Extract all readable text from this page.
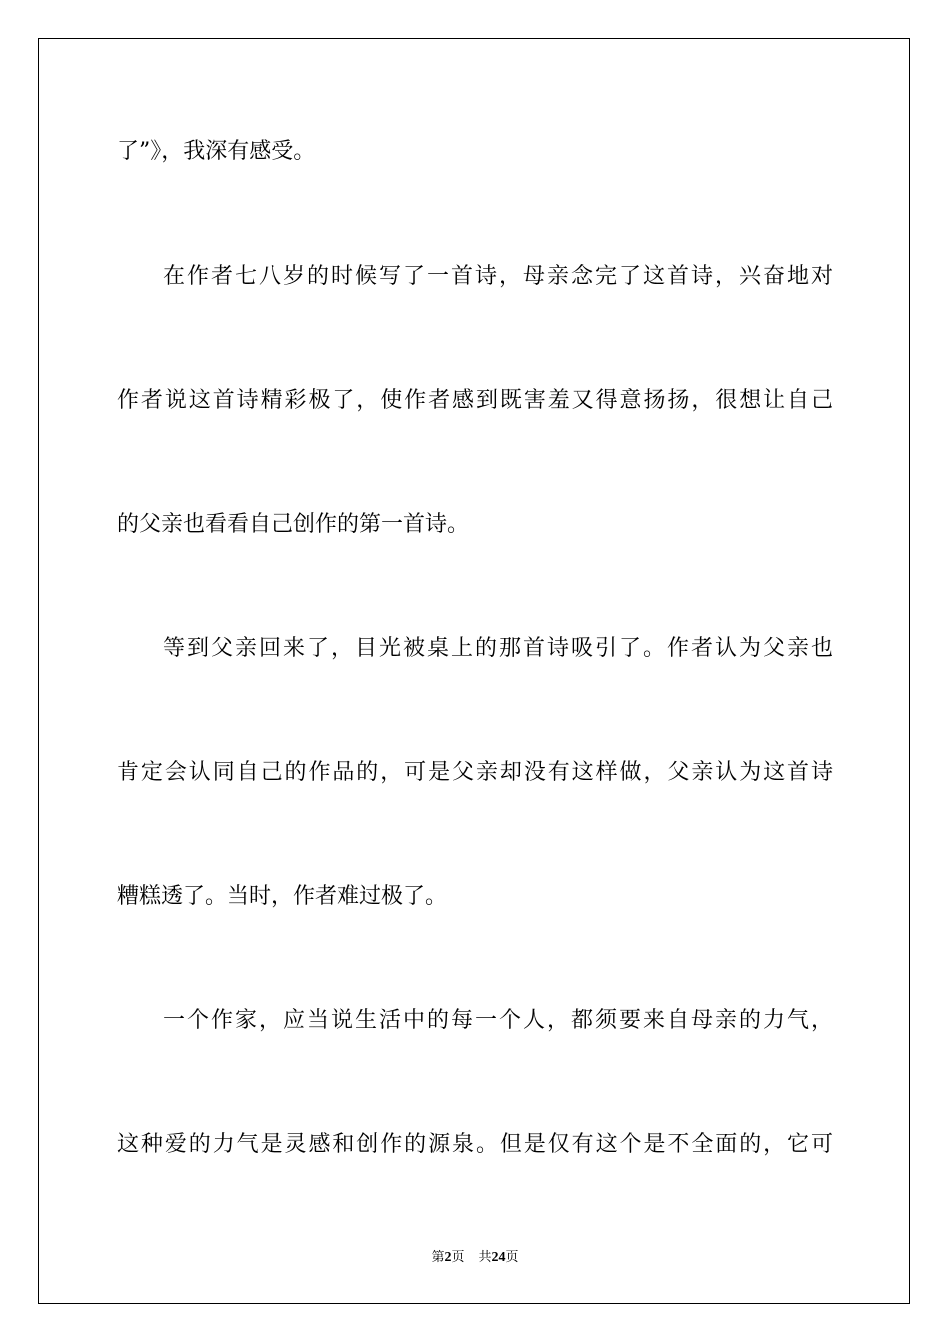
了”》，我深有感受。
在作者七八岁的时候写了一首诗，母亲念完了这首诗，兴奋地对
作者说这首诗精彩极了，使作者感到既害羞又得意扬扬，很想让自己
的父亲也看看自己创作的第一首诗。
等到父亲回来了，目光被桌上的那首诗吸引了。作者认为父亲也
肯定会认同自己的作品的，可是父亲却没有这样做，父亲认为这首诗
糟糕透了。当时，作者难过极了。
一个作家，应当说生活中的每一个人，都须要来自母亲的力气，
这种爱的力气是灵感和创作的源泉。但是仅有这个是不全面的，它可
第2页 共24页
